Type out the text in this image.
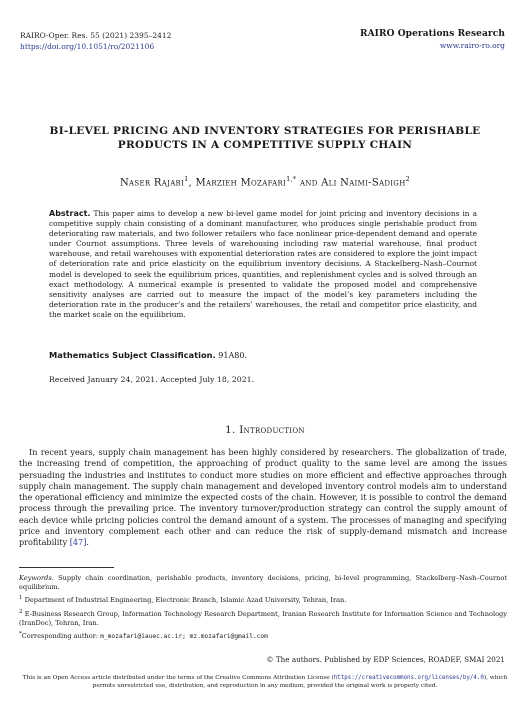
RAIRO-Oper. Res. 55 (2021) 2395–2412
https://doi.org/10.1051/ro/2021106
RAIRO Operations Research
www.rairo-ro.org
BI-LEVEL PRICING AND INVENTORY STRATEGIES FOR PERISHABLE
PRODUCTS IN A COMPETITIVE SUPPLY CHAIN
Naser Rajabi$^1$, Marzieh Mozafari$^{1,*}$ and Ali Naimi-Sadigh$^2$
Abstract. This paper aims to develop a new bi-level game model for joint pricing and inventory decisions in a competitive supply chain consisting of a dominant manufacturer, who produces single perishable product from deteriorating raw materials, and two follower retailers who face nonlinear price-dependent demand and operate under Cournot assumptions. Three levels of warehousing including raw material warehouse, final product warehouse, and retail warehouses with exponential deterioration rates are considered to explore the joint impact of deterioration rate and price elasticity on the equilibrium inventory decisions. A Stackelberg–Nash–Cournot model is developed to seek the equilibrium prices, quantities, and replenishment cycles and is solved through an exact methodology. A numerical example is presented to validate the proposed model and comprehensive sensitivity analyses are carried out to measure the impact of the model’s key parameters including the deterioration rate in the producer’s and the retailers’ warehouses, the retail and competitor price elasticity, and the market scale on the equilibrium.
Mathematics Subject Classification. 91A80.
Received January 24, 2021. Accepted July 18, 2021.
1. Introduction
In recent years, supply chain management has been highly considered by researchers. The globalization of trade, the increasing trend of competition, the approaching of product quality to the same level are among the issues persuading the industries and institutes to conduct more studies on more efficient and effective approaches through supply chain management. The supply chain management and developed inventory control models aim to understand the operational efficiency and minimize the expected costs of the chain. However, it is possible to control the demand process through the prevailing price. The inventory turnover/production strategy can control the supply amount of each device while pricing policies control the demand amount of a system. The processes of managing and specifying price and inventory complement each other and can reduce the risk of supply-demand mismatch and increase profitability [47].

Keywords. Supply chain coordination, perishable products, inventory decisions, pricing, bi-level programming, Stackelberg–Nash–Cournot equilibrium.

$^1$ Department of Industrial Engineering, Electronic Branch, Islamic Azad University, Tehran, Iran.

$^2$ E-Business Research Group, Information Technology Research Department, Iranian Research Institute for Information Science and Technology (IranDoc), Tehran, Iran.

*Corresponding author: m_mozafari@iauec.ac.ir; mz.mozafari@gmail.com

© The authors. Published by EDP Sciences, ROADEF, SMAI 2021
This is an Open Access article distributed under the terms of the Creative Commons Attribution License (https://creativecommons.org/licenses/by/4.0), which permits unrestricted use, distribution, and reproduction in any medium, provided the original work is properly cited.
